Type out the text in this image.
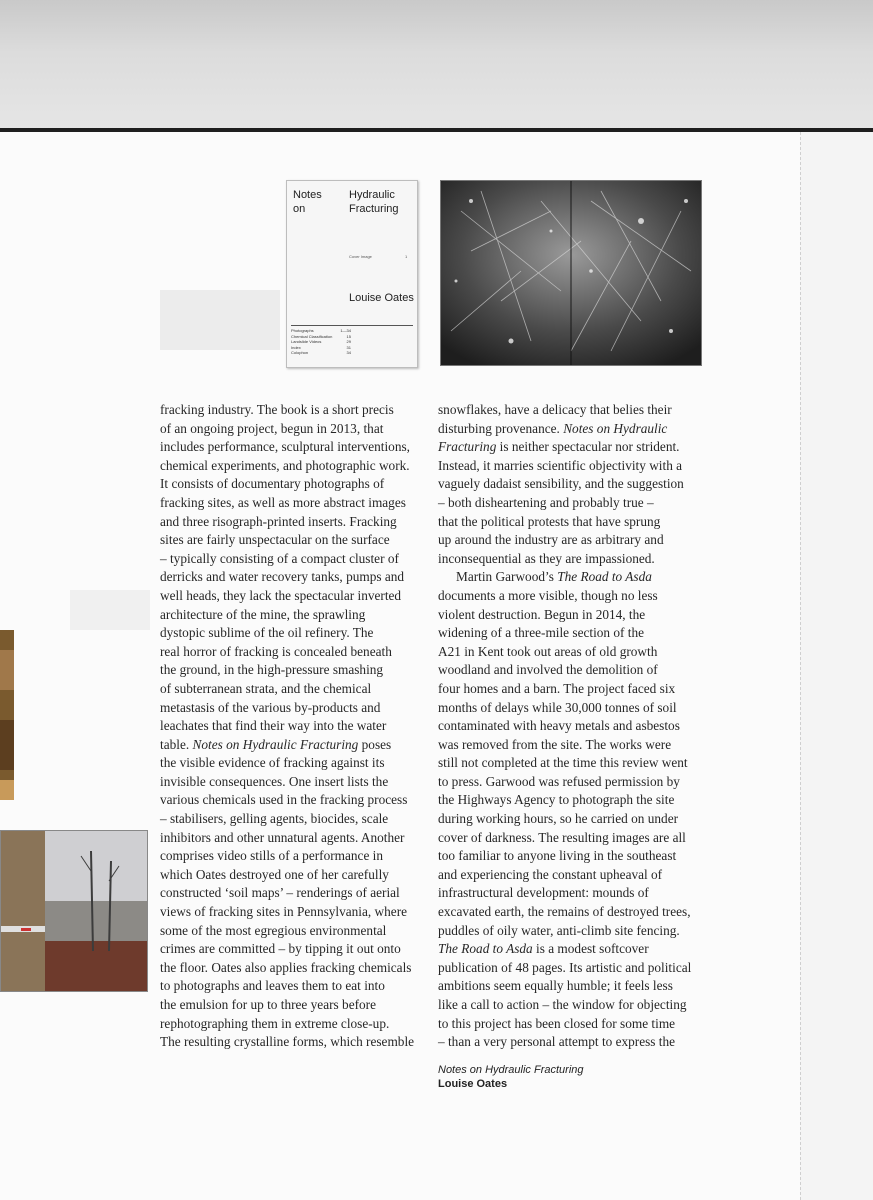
Notes on
Hydraulic Fracturing
Cover Image	1
Louise Oates
Photographs	1—34
Chemical Classification	15
Landslide Videos	29
Index	31
Colophon	34
fracking industry. The book is a short precis
of an ongoing project, begun in 2013, that
includes performance, sculptural interventions,
chemical experiments, and photographic work.
It consists of documentary photographs of
fracking sites, as well as more abstract images
and three risograph-printed inserts. Fracking
sites are fairly unspectacular on the surface
– typically consisting of a compact cluster of
derricks and water recovery tanks, pumps and
well heads, they lack the spectacular inverted
architecture of the mine, the sprawling
dystopic sublime of the oil refinery. The
real horror of fracking is concealed beneath
the ground, in the high-pressure smashing
of subterranean strata, and the chemical
metastasis of the various by-products and
leachates that find their way into the water
table. Notes on Hydraulic Fracturing poses
the visible evidence of fracking against its
invisible consequences. One insert lists the
various chemicals used in the fracking process
– stabilisers, gelling agents, biocides, scale
inhibitors and other unnatural agents. Another
comprises video stills of a performance in
which Oates destroyed one of her carefully
constructed ‘soil maps’ – renderings of aerial
views of fracking sites in Pennsylvania, where
some of the most egregious environmental
crimes are committed – by tipping it out onto
the floor. Oates also applies fracking chemicals
to photographs and leaves them to eat into
the emulsion for up to three years before
rephotographing them in extreme close-up.
The resulting crystalline forms, which resemble
snowflakes, have a delicacy that belies their
disturbing provenance. Notes on Hydraulic
Fracturing is neither spectacular nor strident.
Instead, it marries scientific objectivity with a
vaguely dadaist sensibility, and the suggestion
– both disheartening and probably true –
that the political protests that have sprung
up around the industry are as arbitrary and
inconsequential as they are impassioned.
Martin Garwood’s The Road to Asda
documents a more visible, though no less
violent destruction. Begun in 2014, the
widening of a three-mile section of the
A21 in Kent took out areas of old growth
woodland and involved the demolition of
four homes and a barn. The project faced six
months of delays while 30,000 tonnes of soil
contaminated with heavy metals and asbestos
was removed from the site. The works were
still not completed at the time this review went
to press. Garwood was refused permission by
the Highways Agency to photograph the site
during working hours, so he carried on under
cover of darkness. The resulting images are all
too familiar to anyone living in the southeast
and experiencing the constant upheaval of
infrastructural development: mounds of
excavated earth, the remains of destroyed trees,
puddles of oily water, anti-climb site fencing.
The Road to Asda is a modest softcover
publication of 48 pages. Its artistic and political
ambitions seem equally humble; it feels less
like a call to action – the window for objecting
to this project has been closed for some time
– than a very personal attempt to express the
Notes on Hydraulic Fracturing
Louise Oates
